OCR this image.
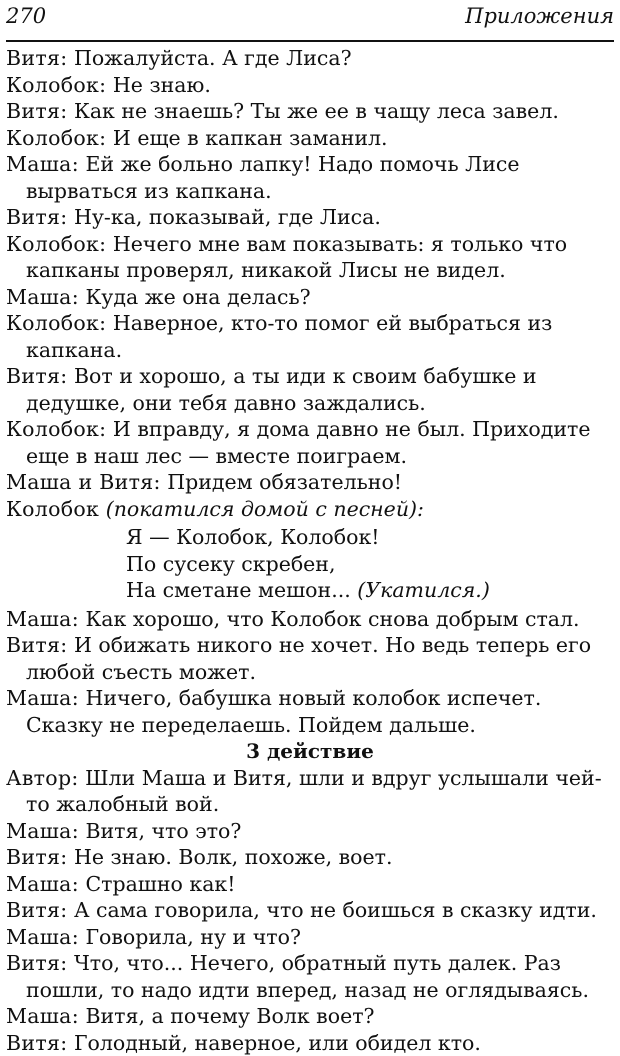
270	Приложения

Витя: Пожалуйста. А где Лиса?

Колобок: Не знаю.

Витя: Как не знаешь? Ты же ее в чащу леса завел.

Колобок: И еще в капкан заманил.

Маша: Ей же больно лапку! Надо помочь Лисе вырваться из капкана.

Витя: Ну-ка, показывай, где Лиса.

Колобок: Нечего мне вам показывать: я только что капканы проверял, никакой Лисы не видел.

Маша: Куда же она делась?

Колобок: Наверное, кто-то помог ей выбраться из капкана.

Витя: Вот и хорошо, а ты иди к своим бабушке и дедушке, они тебя давно заждались.

Колобок: И вправду, я дома давно не был. Приходите еще в наш лес — вместе поиграем.

Маша и Витя: Придем обязательно!

Колобок (покатился домой с песней):

Я — Колобок, Колобок!

По сусеку скребен,

На сметане мешон... (Укатился.)

Маша: Как хорошо, что Колобок снова добрым стал.

Витя: И обижать никого не хочет. Но ведь теперь его любой съесть может.

Маша: Ничего, бабушка новый колобок испечет. Сказку не переделаешь. Пойдем дальше.

3 действие

Автор: Шли Маша и Витя, шли и вдруг услышали чей-то жалобный вой.

Маша: Витя, что это?

Витя: Не знаю. Волк, похоже, воет.

Маша: Страшно как!

Витя: А сама говорила, что не боишься в сказку идти.

Маша: Говорила, ну и что?

Витя: Что, что... Нечего, обратный путь далек. Раз пошли, то надо идти вперед, назад не оглядываясь.

Маша: Витя, а почему Волк воет?

Витя: Голодный, наверное, или обидел кто.
